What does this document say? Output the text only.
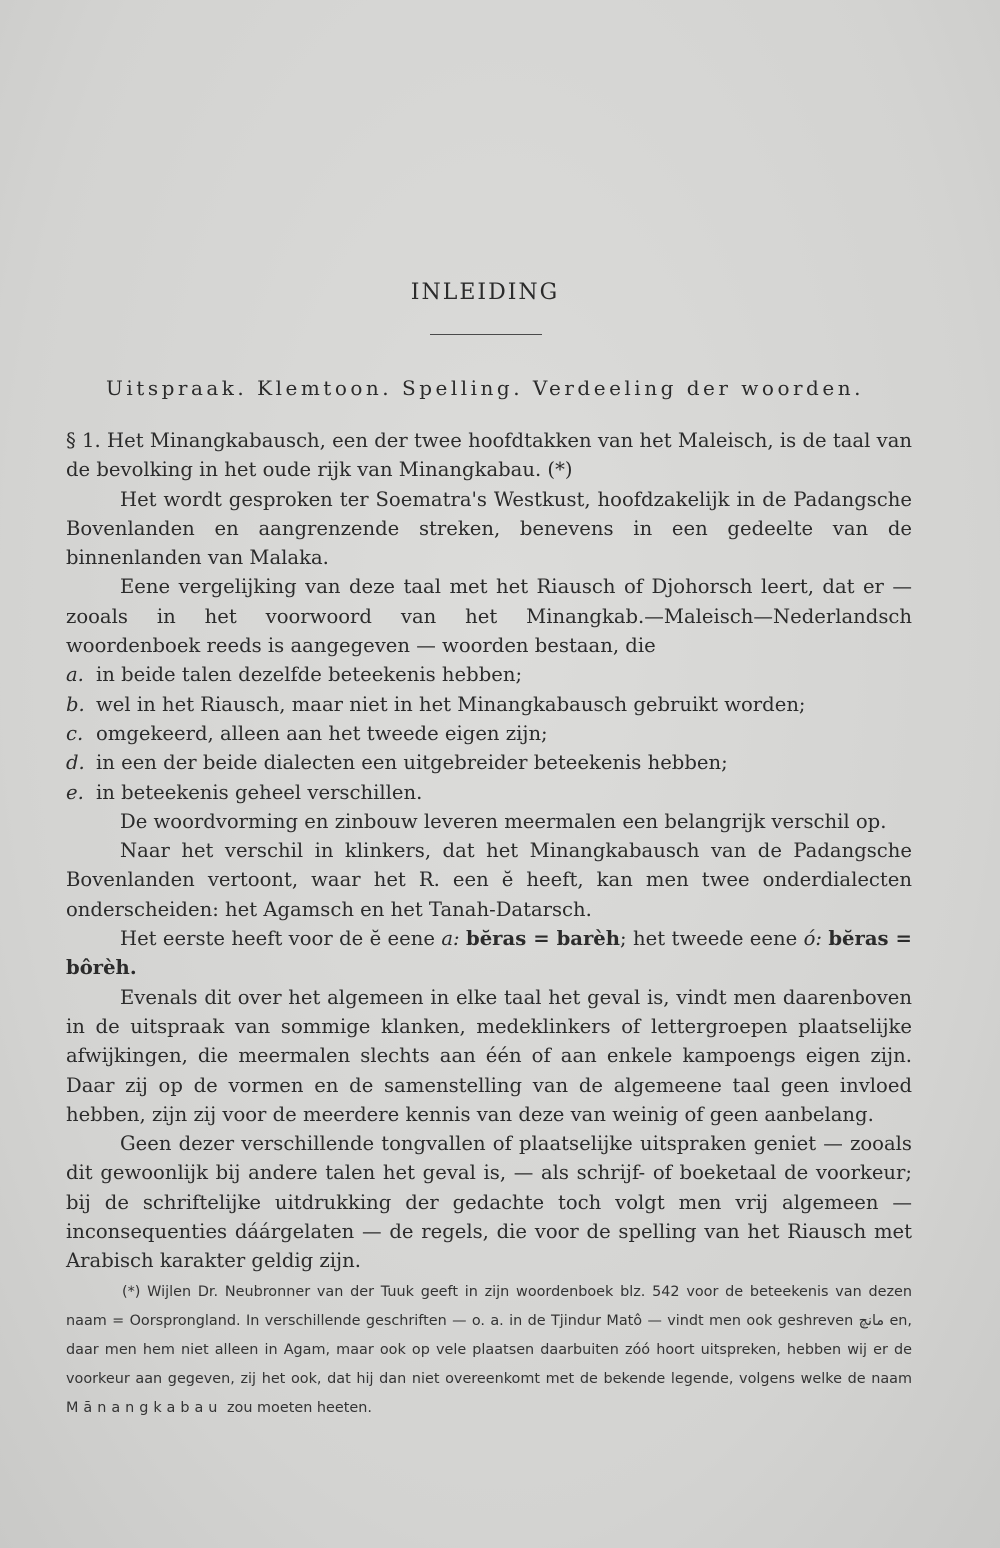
INLEIDING
Uitspraak. Klemtoon. Spelling. Verdeeling der woorden.

§ 1. Het Minangkabausch, een der twee hoofdtakken van het Maleisch, is de taal van de bevolking in het oude rijk van Minangkabau. (*)

Het wordt gesproken ter Soematra's Westkust, hoofdzakelijk in de Padangsche Bovenlanden en aangrenzende streken, benevens in een gedeelte van de binnenlanden van Malaka.

Eene vergelijking van deze taal met het Riausch of Djohorsch leert, dat er — zooals in het voorwoord van het Minangkab.—Maleisch—Nederlandsch woordenboek reeds is aangegeven — woorden bestaan, die

a. in beide talen dezelfde beteekenis hebben;

b. wel in het Riausch, maar niet in het Minangkabausch gebruikt worden;

c. omgekeerd, alleen aan het tweede eigen zijn;

d. in een der beide dialecten een uitgebreider beteekenis hebben;

e. in beteekenis geheel verschillen.

De woordvorming en zinbouw leveren meermalen een belangrijk verschil op.

Naar het verschil in klinkers, dat het Minangkabausch van de Padangsche Bovenlanden vertoont, waar het R. een ĕ heeft, kan men twee onderdialecten onderscheiden: het Agamsch en het Tanah-Datarsch.

Het eerste heeft voor de ĕ eene a: bĕras = barèh; het tweede eene ó: bĕras = bôrèh.

Evenals dit over het algemeen in elke taal het geval is, vindt men daarenboven in de uitspraak van sommige klanken, medeklinkers of lettergroepen plaatselijke afwijkingen, die meermalen slechts aan één of aan enkele kampoengs eigen zijn. Daar zij op de vormen en de samenstelling van de algemeene taal geen invloed hebben, zijn zij voor de meerdere kennis van deze van weinig of geen aanbelang.

Geen dezer verschillende tongvallen of plaatselijke uitspraken geniet — zooals dit gewoonlijk bij andere talen het geval is, — als schrijf- of boeketaal de voorkeur; bij de schriftelijke uitdrukking der gedachte toch volgt men vrij algemeen — inconsequenties dáárgelaten — de regels, die voor de spelling van het Riausch met Arabisch karakter geldig zijn.

(*) Wijlen Dr. Neubronner van der Tuuk geeft in zijn woordenboek blz. 542 voor de beteekenis van dezen naam = Oorsprongland. In verschillende geschriften — o. a. in de Tjindur Matô — vindt men ook geshreven مانچ en, daar men hem niet alleen in Agam, maar ook op vele plaatsen daarbuiten zóó hoort uitspreken, hebben wij er de voorkeur aan gegeven, zij het ook, dat hij dan niet overeenkomt met de bekende legende, volgens welke de naam Mānangkabau zou moeten heeten.
